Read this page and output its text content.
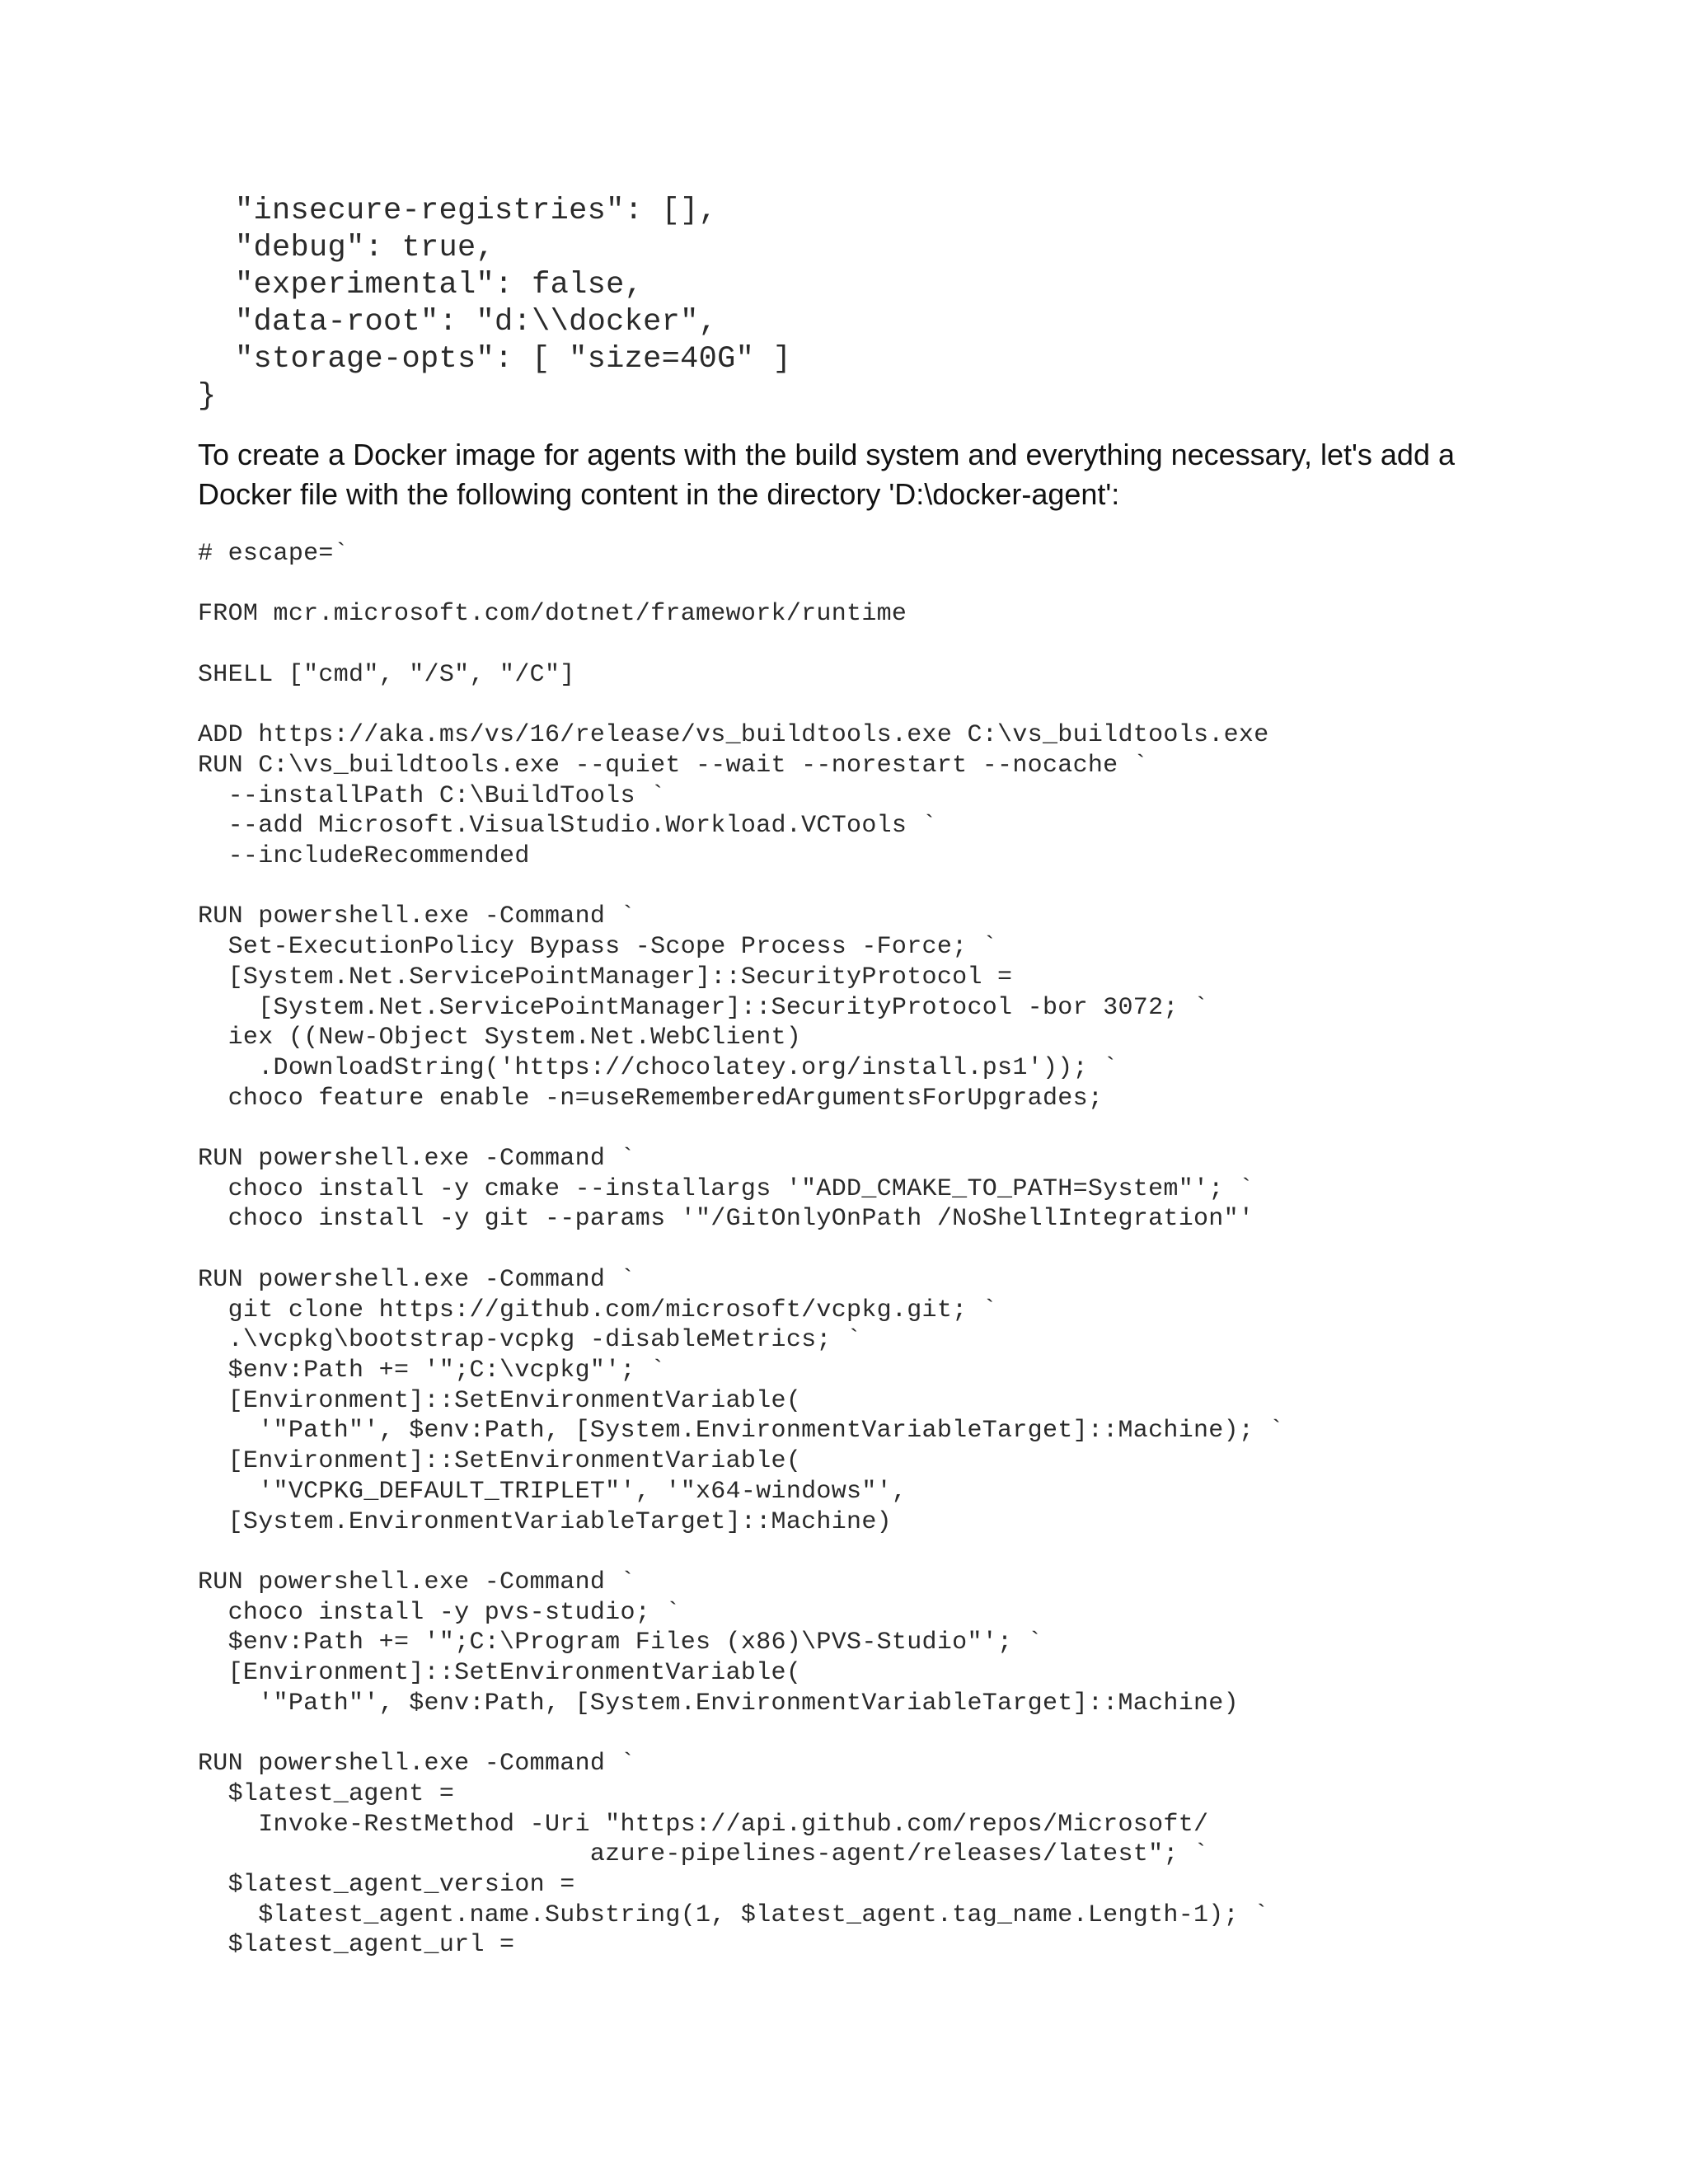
"insecure-registries": [],
"debug": true,
"experimental": false,
"data-root": "d:\\docker",
"storage-opts": [ "size=40G" ]
}

To create a Docker image for agents with the build system and everything necessary, let's add a Docker file with the following content in the directory 'D:\docker-agent':

# escape=`
FROM mcr.microsoft.com/dotnet/framework/runtime
SHELL ["cmd", "/S", "/C"]
ADD https://aka.ms/vs/16/release/vs_buildtools.exe C:\vs_buildtools.exe
RUN C:\vs_buildtools.exe --quiet --wait --norestart --nocache `
--installPath C:\BuildTools `
--add Microsoft.VisualStudio.Workload.VCTools `
--includeRecommended
RUN powershell.exe -Command `
Set-ExecutionPolicy Bypass -Scope Process -Force; `
[System.Net.ServicePointManager]::SecurityProtocol =
[System.Net.ServicePointManager]::SecurityProtocol -bor 3072; `
iex ((New-Object System.Net.WebClient)
.DownloadString('https://chocolatey.org/install.ps1')); `
choco feature enable -n=useRememberedArgumentsForUpgrades;
RUN powershell.exe -Command `
choco install -y cmake --installargs '"ADD_CMAKE_TO_PATH=System"'; `
choco install -y git --params '"/GitOnlyOnPath /NoShellIntegration"'
RUN powershell.exe -Command `
git clone https://github.com/microsoft/vcpkg.git; `
.\vcpkg\bootstrap-vcpkg -disableMetrics; `
$env:Path += '";C:\vcpkg"'; `
[Environment]::SetEnvironmentVariable(
'"Path"', $env:Path, [System.EnvironmentVariableTarget]::Machine); `
[Environment]::SetEnvironmentVariable(
'"VCPKG_DEFAULT_TRIPLET"', '"x64-windows"',
[System.EnvironmentVariableTarget]::Machine)
RUN powershell.exe -Command `
choco install -y pvs-studio; `
$env:Path += '";C:\Program Files (x86)\PVS-Studio"'; `
[Environment]::SetEnvironmentVariable(
'"Path"', $env:Path, [System.EnvironmentVariableTarget]::Machine)
RUN powershell.exe -Command `
$latest_agent =
Invoke-RestMethod -Uri "https://api.github.com/repos/Microsoft/
azure-pipelines-agent/releases/latest"; `
$latest_agent_version =
$latest_agent.name.Substring(1, $latest_agent.tag_name.Length-1); `
$latest_agent_url =
